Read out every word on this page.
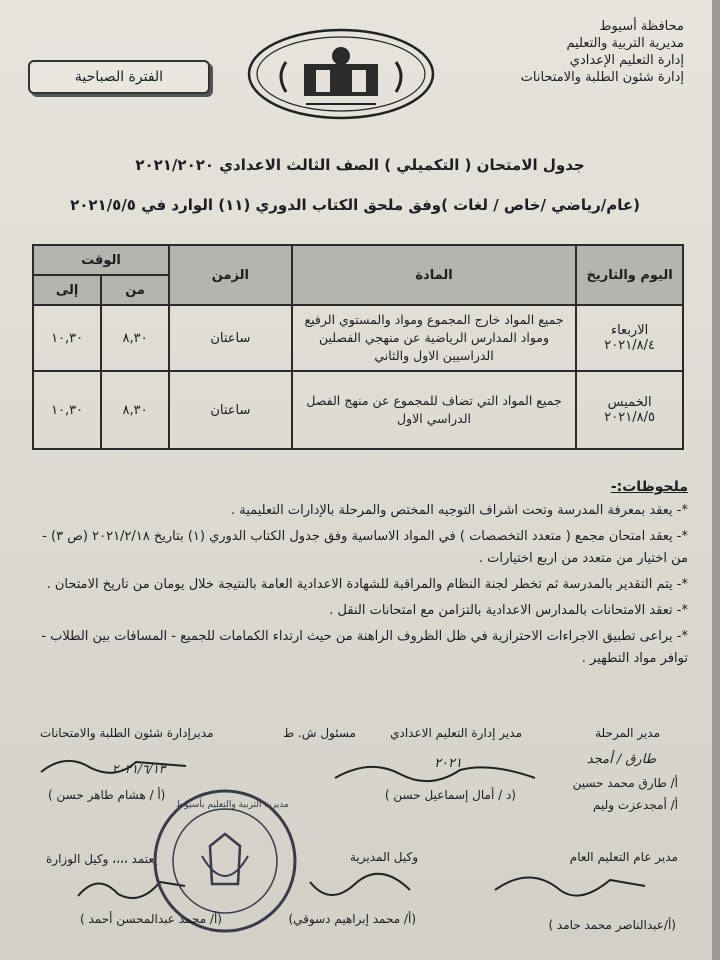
محافظة أسيوط
مديرية التربية والتعليم
إدارة التعليم الإعدادي
إدارة شئون الطلبة والامتحانات
الفترة الصباحية
جدول الامتحان ( التكميلي ) الصف الثالث الاعدادي ٢٠٢١/٢٠٢٠
(عام/رياضي /خاص / لغات )وفق ملحق الكتاب الدوري (١١) الوارد في ٢٠٢١/٥/٥
اليوم والتاريخ	المادة	الزمن	الوقت	
			من	إلى

الاربعاء
٢٠٢١/٨/٤	جميع المواد خارج المجموع ومواد والمستوي الرفيع ومواد المدارس الرياضية عن منهجي الفصلين الدراسيين الاول والثاني	ساعتان	٨,٣٠	١٠,٣٠

الخميس
٢٠٢١/٨/٥	جميع المواد التي تضاف للمجموع عن منهج الفصل الدراسي الاول	ساعتان	٨,٣٠	١٠,٣٠
ملحوظات:-

*- يعقد بمعرفة المدرسة وتحت اشراف التوجيه المختص والمرحلة بالإدارات التعليمية .

*- يعقد امتحان مجمع ( متعدد التخصصات ) في المواد الاساسية وفق جدول الكتاب الدوري (١) بتاريخ ٢٠٢١/٢/١٨ (ص ٣) - من اختيار من متعدد من اربع اختيارات .

*- يتم التقدير بالمدرسة ثم تخطر لجنة النظام والمراقبة للشهادة الاعدادية العامة بالنتيجة خلال يومان من تاريخ الامتحان .

*- تعقد الامتحانات بالمدارس الاعدادية بالتزامن مع امتحانات النقل .

*- يراعى تطبيق الاجراءات الاحترازية في ظل الظروف الراهنة من حيث ارتداء الكمامات للجميع - المسافات بين الطلاب - توافر مواد التطهير .

مدير المرحلة
مدير إدارة التعليم الاعدادي
مسئول ش. ط
مديرإدارة شئون الطلبة والامتحانات
طارق / أمجد
٢٠٢١
٢٠٢١/٦/١٣
أ/ طارق محمد حسين
أ/ أمجدعزت وليم
(د / أمال إسماعيل حسن )
(أ / هشام طاهر حسن )
مدير عام التعليم العام
وكيل المديرية
يعتمد ،،،، وكيل الوزارة
مديرية التربية والتعليم بأسيوط
(أ/عبدالناصر محمد حامد )
(أ/ محمد إبراهيم دسوقي)
(أ/ محمد عبدالمحسن أحمد )
